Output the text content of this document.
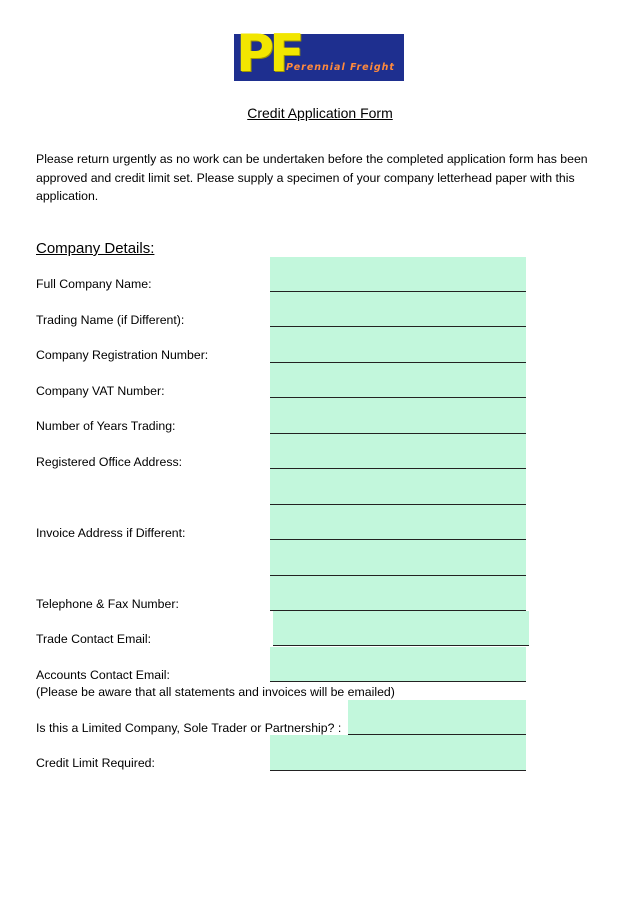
PF
Perennial Freight
Credit Application Form

Please return urgently as no work can be undertaken before the completed application form has been approved and credit limit set. Please supply a specimen of your company letterhead paper with this application.

Company Details:
Full Company Name:
Trading Name (if Different):
Company Registration Number:
Company VAT Number:
Number of Years Trading:
Registered Office Address:
Invoice Address if Different:
Telephone & Fax Number:
Trade Contact Email:
Accounts Contact Email:
(Please be aware that all statements and invoices will be emailed)
Is this a Limited Company, Sole Trader or Partnership? :
Credit Limit Required:
